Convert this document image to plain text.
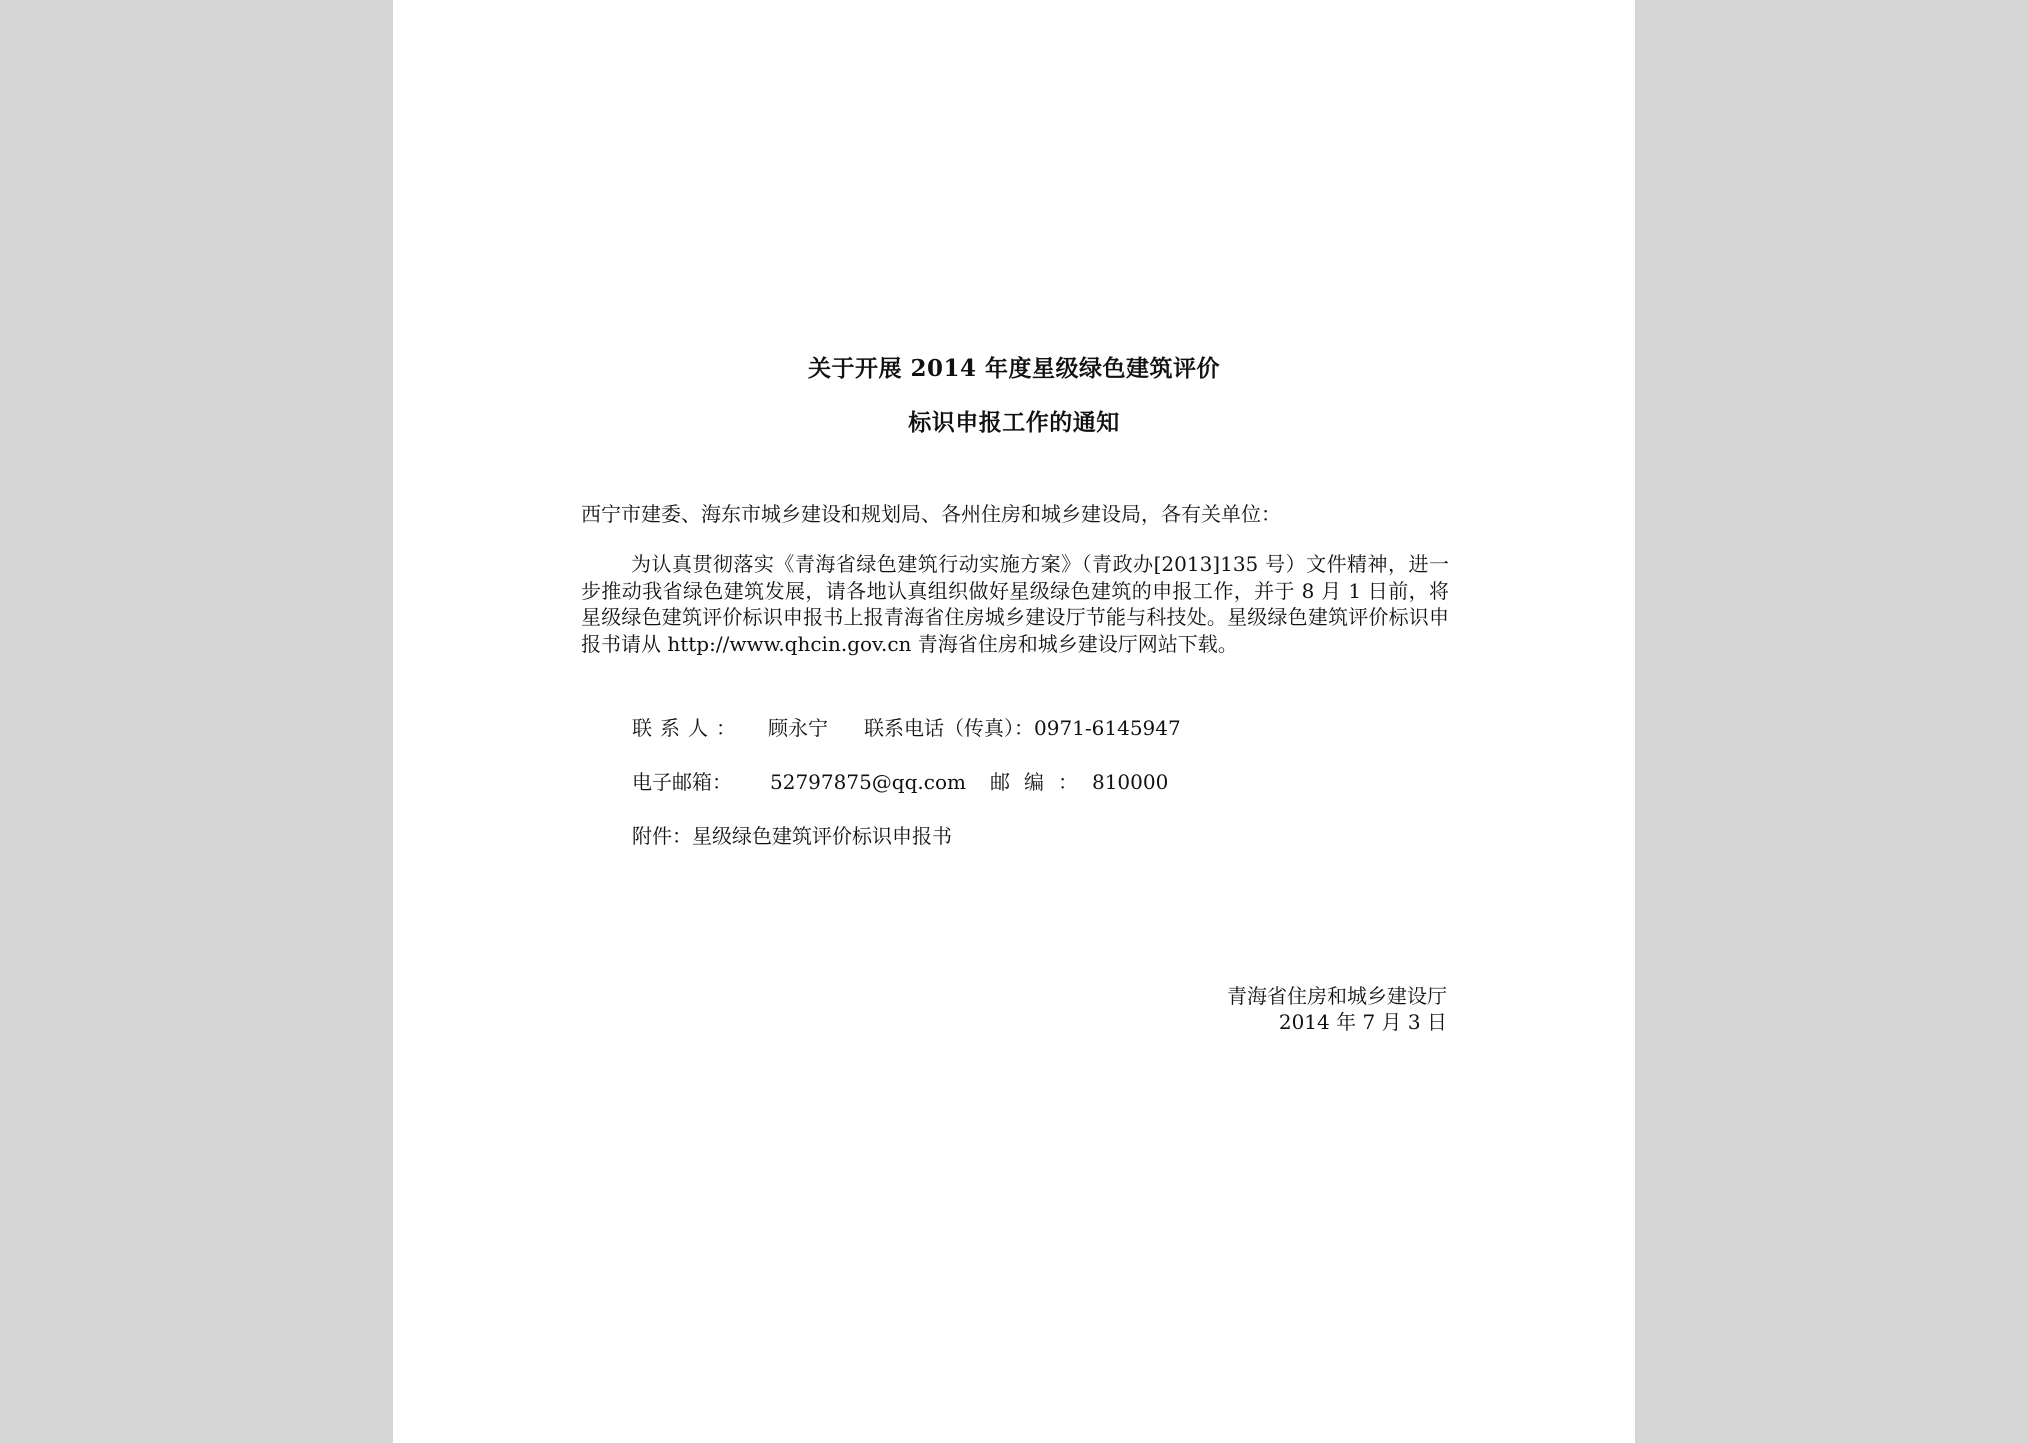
关于开展 2014 年度星级绿色建筑评价
标识申报工作的通知
西宁市建委、海东市城乡建设和规划局、各州住房和城乡建设局，各有关单位：
为认真贯彻落实《青海省绿色建筑行动实施方案》（青政办[2013]135 号）文件精神，进一步推动我省绿色建筑发展，请各地认真组织做好星级绿色建筑的申报工作，并于 8 月 1 日前，将星级绿色建筑评价标识申报书上报青海省住房城乡建设厅节能与科技处。星级绿色建筑评价标识申报书请从 http://www.qhcin.gov.cn 青海省住房和城乡建设厅网站下载。
联系人： 顾永宁 联系电话（传真）：0971-6145947
电子邮箱： 52797875@qq.com 邮编：810000
附件：星级绿色建筑评价标识申报书
青海省住房和城乡建设厅
2014 年 7 月 3 日
